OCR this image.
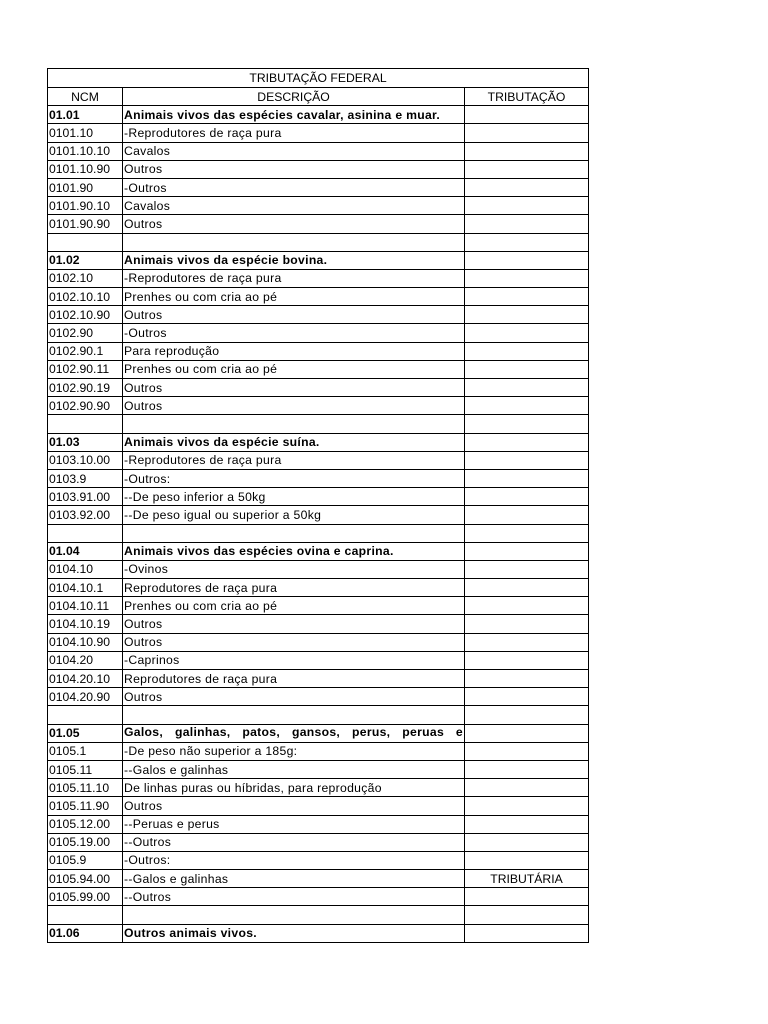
TRIBUTAÇÃO FEDERAL		
NCM	DESCRIÇÃO	TRIBUTAÇÃO
01.01	Animais vivos das espécies cavalar, asinina e muar.	
0101.10	-Reprodutores de raça pura	
0101.10.10	Cavalos	
0101.10.90	Outros	
0101.90	-Outros	
0101.90.10	Cavalos	
0101.90.90	Outros	

01.02	Animais vivos da espécie bovina.	
0102.10	-Reprodutores de raça pura	
0102.10.10	Prenhes ou com cria ao pé	
0102.10.90	Outros	
0102.90	-Outros	
0102.90.1	Para reprodução	
0102.90.11	Prenhes ou com cria ao pé	
0102.90.19	Outros	
0102.90.90	Outros	

01.03	Animais vivos da espécie suína.	
0103.10.00	-Reprodutores de raça pura	
0103.9	-Outros:	
0103.91.00	--De peso inferior a 50kg	
0103.92.00	--De peso igual ou superior a 50kg	

01.04	Animais vivos das espécies ovina e caprina.	
0104.10	-Ovinos	
0104.10.1	Reprodutores de raça pura	
0104.10.11	Prenhes ou com cria ao pé	
0104.10.19	Outros	
0104.10.90	Outros	
0104.20	-Caprinos	
0104.20.10	Reprodutores de raça pura	
0104.20.90	Outros	

01.05	Galos, galinhas, patos, gansos, perus, peruas e	
0105.1	-De peso não superior a 185g:	
0105.11	--Galos e galinhas	
0105.11.10	De linhas puras ou híbridas, para reprodução	
0105.11.90	Outros	
0105.12.00	--Peruas e perus	
0105.19.00	--Outros	
0105.9	-Outros:	
0105.94.00	--Galos e galinhas	TRIBUTÁRIA
0105.99.00	--Outros	

01.06	Outros animais vivos.	
